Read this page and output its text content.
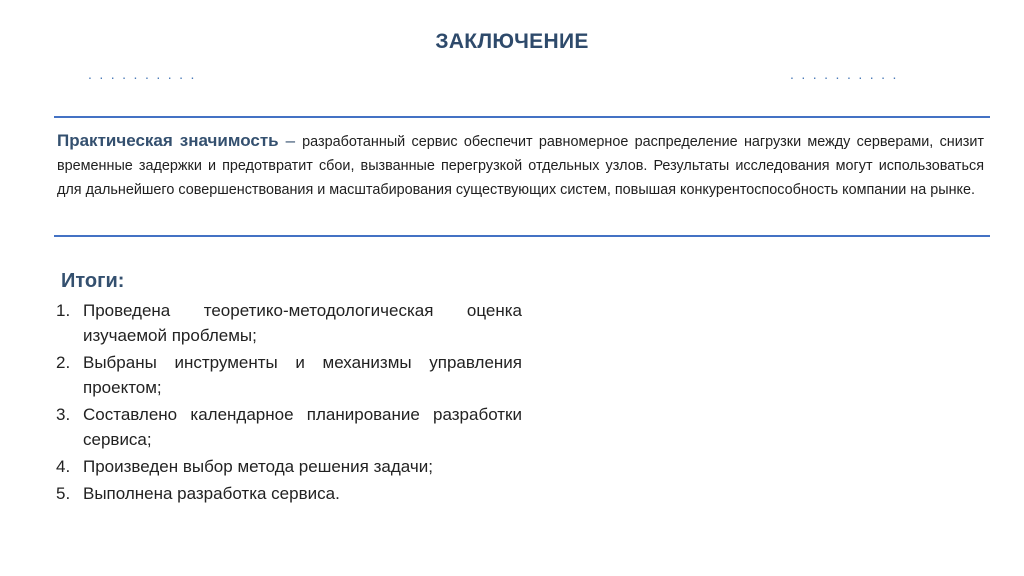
ЗАКЛЮЧЕНИЕ
..........	..........
Практическая значимость – разработанный сервис обеспечит равномерное распределение нагрузки между серверами, снизит временные задержки и предотвратит сбои, вызванные перегрузкой отдельных узлов. Результаты исследования могут использоваться для дальнейшего совершенствования и масштабирования существующих систем, повышая конкурентоспособность компании на рынке.
Итоги:
1. Проведена теоретико-методологическая оценка изучаемой проблемы;
2. Выбраны инструменты и механизмы управления проектом;
3. Составлено календарное планирование разработки сервиса;
4. Произведен выбор метода решения задачи;
5. Выполнена разработка сервиса.
